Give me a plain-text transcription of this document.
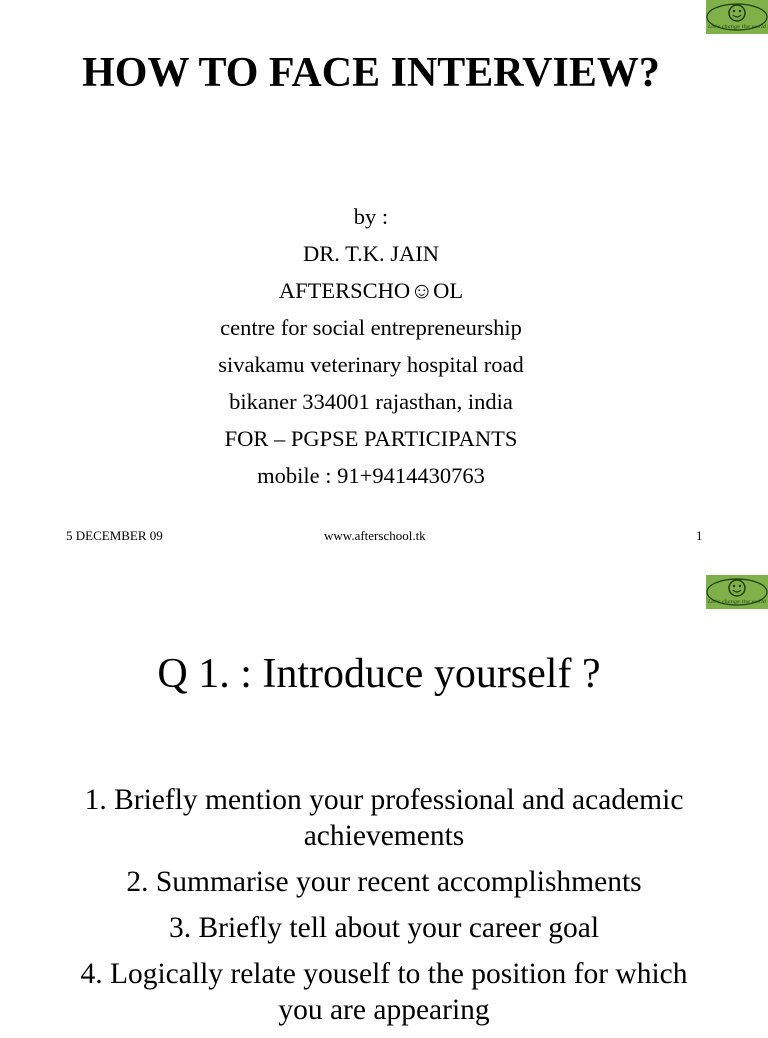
Let's change the world
HOW TO FACE INTERVIEW?
by :
DR. T.K. JAIN
AFTERSCHO☺OL
centre for social entrepreneurship
sivakamu veterinary hospital road
bikaner 334001 rajasthan, india
FOR – PGPSE PARTICIPANTS
mobile : 91+9414430763
5 DECEMBER 09	www.afterschool.tk	1
Let's change the world
Q 1. : Introduce yourself ?
1. Briefly mention your professional and academic achievements
2. Summarise your recent accomplishments
3. Briefly tell about your career goal
4. Logically relate youself to the position for which you are appearing
